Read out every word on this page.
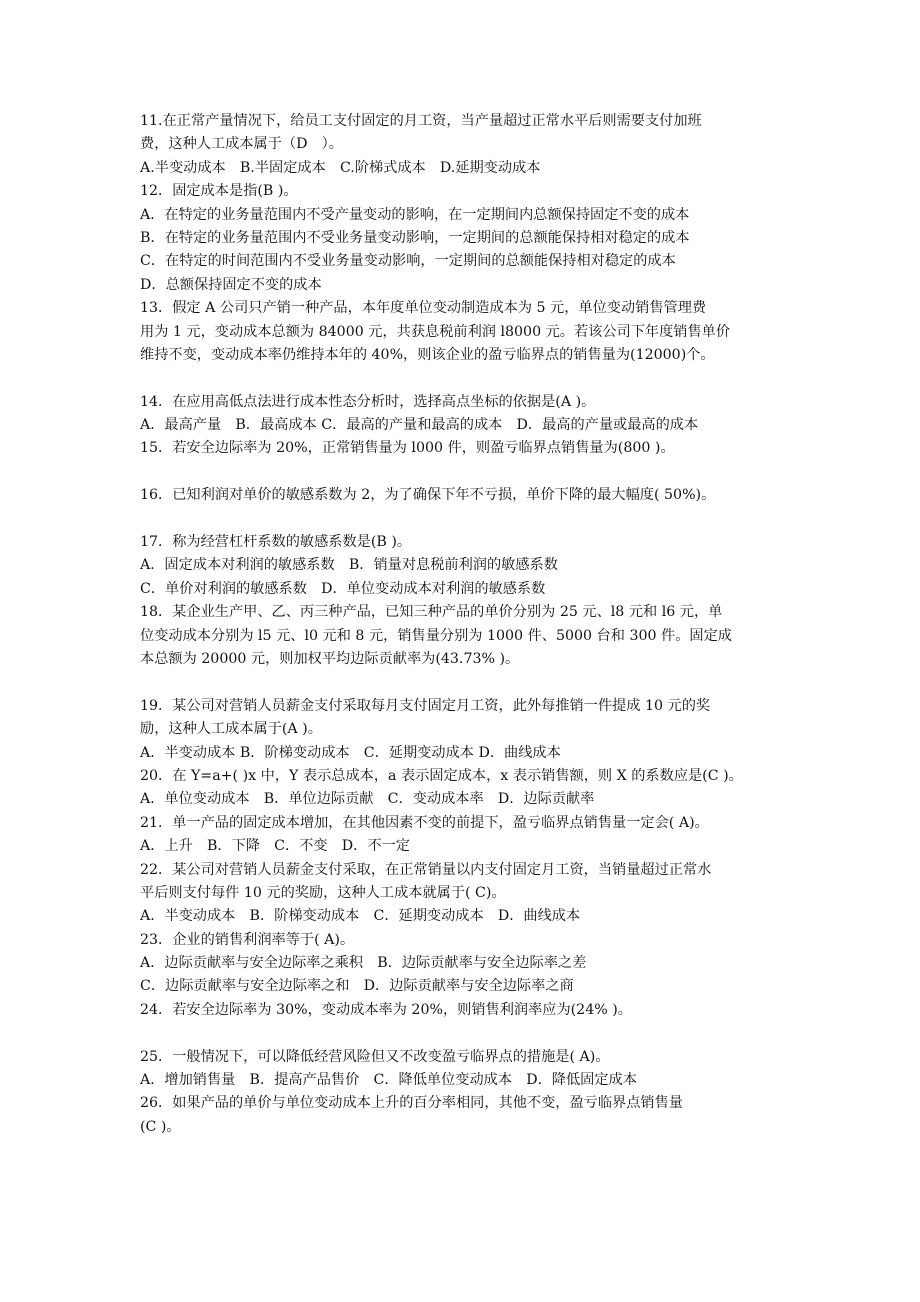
11.在正常产量情况下，给员工支付固定的月工资，当产量超过正常水平后则需要支付加班

费，这种人工成本属于（D　）。

A.半变动成本　B.半固定成本　C.阶梯式成本　D.延期变动成本

12．固定成本是指(B )。

A．在特定的业务量范围内不受产量变动的影响，在一定期间内总额保持固定不变的成本

B．在特定的业务量范围内不受业务量变动影响，一定期间的总额能保持相对稳定的成本

C．在特定的时间范围内不受业务量变动影响，一定期间的总额能保持相对稳定的成本

D．总额保持固定不变的成本

13．假定 A 公司只产销一种产品，本年度单位变动制造成本为 5 元，单位变动销售管理费

用为 1 元，变动成本总额为 84000 元，共获息税前利润 l8000 元。若该公司下年度销售单价

维持不变，变动成本率仍维持本年的 40%，则该企业的盈亏临界点的销售量为(12000)个。

14．在应用高低点法进行成本性态分析时，选择高点坐标的依据是(A )。

A．最高产量　B．最高成本 C．最高的产量和最高的成本　D．最高的产量或最高的成本

15．若安全边际率为 20%，正常销售量为 l000 件，则盈亏临界点销售量为(800 )。

16．已知利润对单价的敏感系数为 2，为了确保下年不亏损，单价下降的最大幅度( 50%)。

17．称为经营杠杆系数的敏感系数是(B )。

A．固定成本对利润的敏感系数　B．销量对息税前利润的敏感系数

C．单价对利润的敏感系数　D．单位变动成本对利润的敏感系数

18．某企业生产甲、乙、丙三种产品，已知三种产品的单价分别为 25 元、l8 元和 l6 元，单

位变动成本分别为 l5 元、l0 元和 8 元，销售量分别为 1000 件、5000 台和 300 件。固定成

本总额为 20000 元，则加权平均边际贡献率为(43.73% )。

19．某公司对营销人员薪金支付采取每月支付固定月工资，此外每推销一件提成 10 元的奖

励，这种人工成本属于(A )。

A．半变动成本 B．阶梯变动成本　C．延期变动成本 D．曲线成本

20．在 Y=a+( )x 中，Y 表示总成本，a 表示固定成本，x 表示销售额，则 X 的系数应是(C )。

A．单位变动成本　B．单位边际贡献　C．变动成本率　D．边际贡献率

21．单一产品的固定成本增加，在其他因素不变的前提下，盈亏临界点销售量一定会( A)。

A．上升　B．下降　C．不变　D．不一定

22．某公司对营销人员薪金支付采取，在正常销量以内支付固定月工资，当销量超过正常水

平后则支付每件 10 元的奖励，这种人工成本就属于( C)。

A．半变动成本　B．阶梯变动成本　C．延期变动成本　D．曲线成本

23．企业的销售利润率等于( A)。

A．边际贡献率与安全边际率之乘积　B．边际贡献率与安全边际率之差

C．边际贡献率与安全边际率之和　D．边际贡献率与安全边际率之商

24．若安全边际率为 30%，变动成本率为 20%，则销售利润率应为(24% )。

25．一般情况下，可以降低经营风险但又不改变盈亏临界点的措施是( A)。

A．增加销售量　B．提高产品售价　C．降低单位变动成本　D．降低固定成本

26．如果产品的单价与单位变动成本上升的百分率相同，其他不变，盈亏临界点销售量

(C )。
